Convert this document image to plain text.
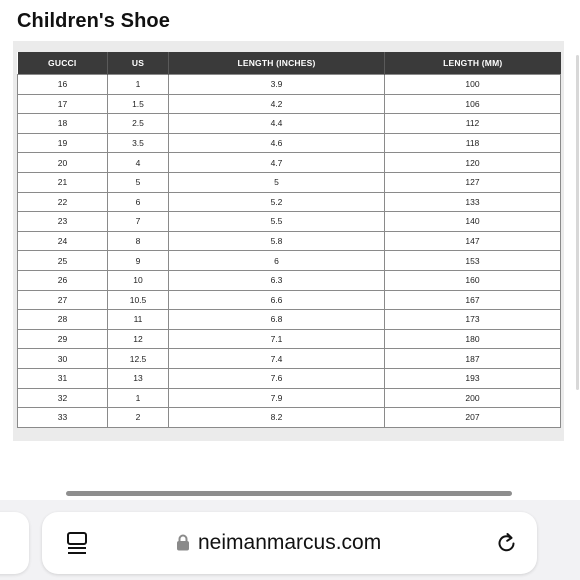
Children's Shoe
GUCCI	US	LENGTH (INCHES)	LENGTH (MM)
16	1	3.9	100
17	1.5	4.2	106
18	2.5	4.4	112
19	3.5	4.6	118
20	4	4.7	120
21	5	5	127
22	6	5.2	133
23	7	5.5	140
24	8	5.8	147
25	9	6	153
26	10	6.3	160
27	10.5	6.6	167
28	11	6.8	173
29	12	7.1	180
30	12.5	7.4	187
31	13	7.6	193
32	1	7.9	200
33	2	8.2	207
neimanmarcus.com
